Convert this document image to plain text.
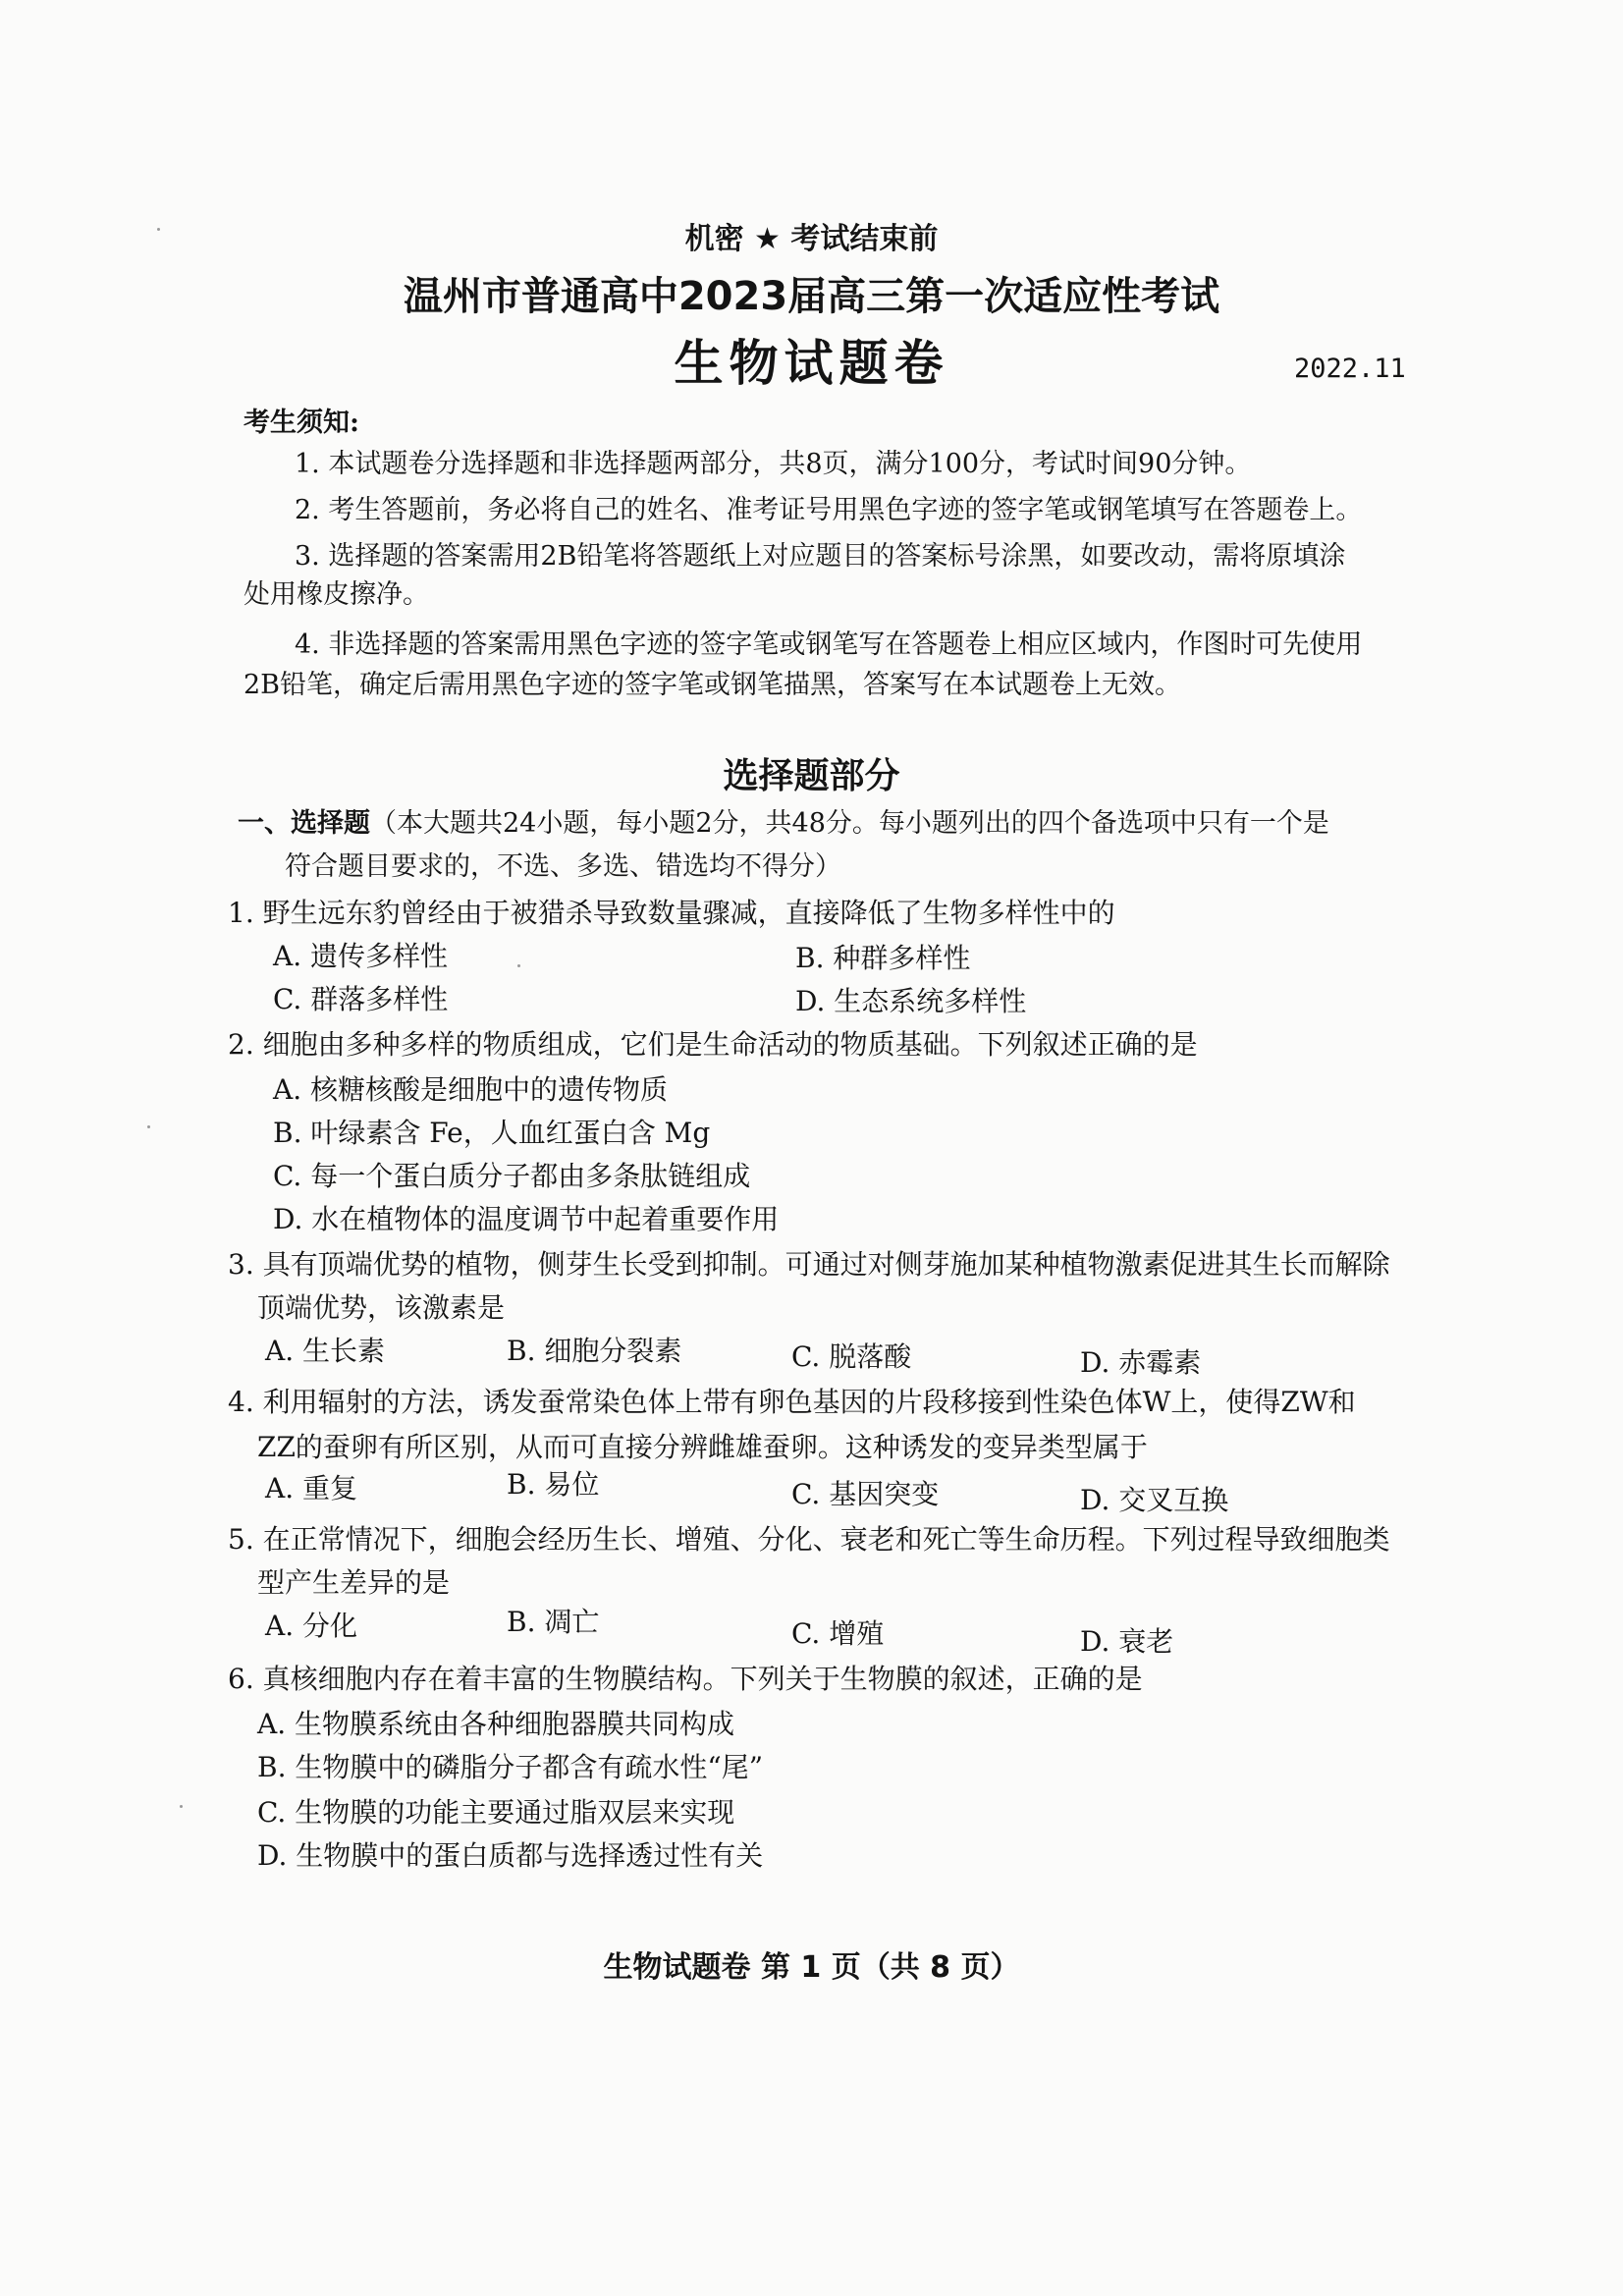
机密 ★ 考试结束前
温州市普通高中2023届高三第一次适应性考试
生物试题卷	2022.11
考生须知:
1. 本试题卷分选择题和非选择题两部分，共8页，满分100分，考试时间90分钟。
2. 考生答题前，务必将自己的姓名、准考证号用黑色字迹的签字笔或钢笔填写在答题卷上。
3. 选择题的答案需用2B铅笔将答题纸上对应题目的答案标号涂黑，如要改动，需将原填涂
处用橡皮擦净。
4. 非选择题的答案需用黑色字迹的签字笔或钢笔写在答题卷上相应区域内，作图时可先使用
2B铅笔，确定后需用黑色字迹的签字笔或钢笔描黑，答案写在本试题卷上无效。
选择题部分
一、选择题（本大题共24小题，每小题2分，共48分。每小题列出的四个备选项中只有一个是
符合题目要求的，不选、多选、错选均不得分）
1. 野生远东豹曾经由于被猎杀导致数量骤减，直接降低了生物多样性中的
A. 遗传多样性	B. 种群多样性
C. 群落多样性	D. 生态系统多样性
2. 细胞由多种多样的物质组成，它们是生命活动的物质基础。下列叙述正确的是
A. 核糖核酸是细胞中的遗传物质
B. 叶绿素含 Fe，人血红蛋白含 Mg
C. 每一个蛋白质分子都由多条肽链组成
D. 水在植物体的温度调节中起着重要作用
3. 具有顶端优势的植物，侧芽生长受到抑制。可通过对侧芽施加某种植物激素促进其生长而解除
顶端优势，该激素是
A. 生长素	B. 细胞分裂素	C. 脱落酸	D. 赤霉素
4. 利用辐射的方法，诱发蚕常染色体上带有卵色基因的片段移接到性染色体W上，使得ZW和
ZZ的蚕卵有所区别，从而可直接分辨雌雄蚕卵。这种诱发的变异类型属于
A. 重复	B. 易位	C. 基因突变	D. 交叉互换
5. 在正常情况下，细胞会经历生长、增殖、分化、衰老和死亡等生命历程。下列过程导致细胞类
型产生差异的是
A. 分化	B. 凋亡	C. 增殖	D. 衰老
6. 真核细胞内存在着丰富的生物膜结构。下列关于生物膜的叙述，正确的是
A. 生物膜系统由各种细胞器膜共同构成
B. 生物膜中的磷脂分子都含有疏水性“尾”
C. 生物膜的功能主要通过脂双层来实现
D. 生物膜中的蛋白质都与选择透过性有关
生物试题卷 第 1 页（共 8 页）
